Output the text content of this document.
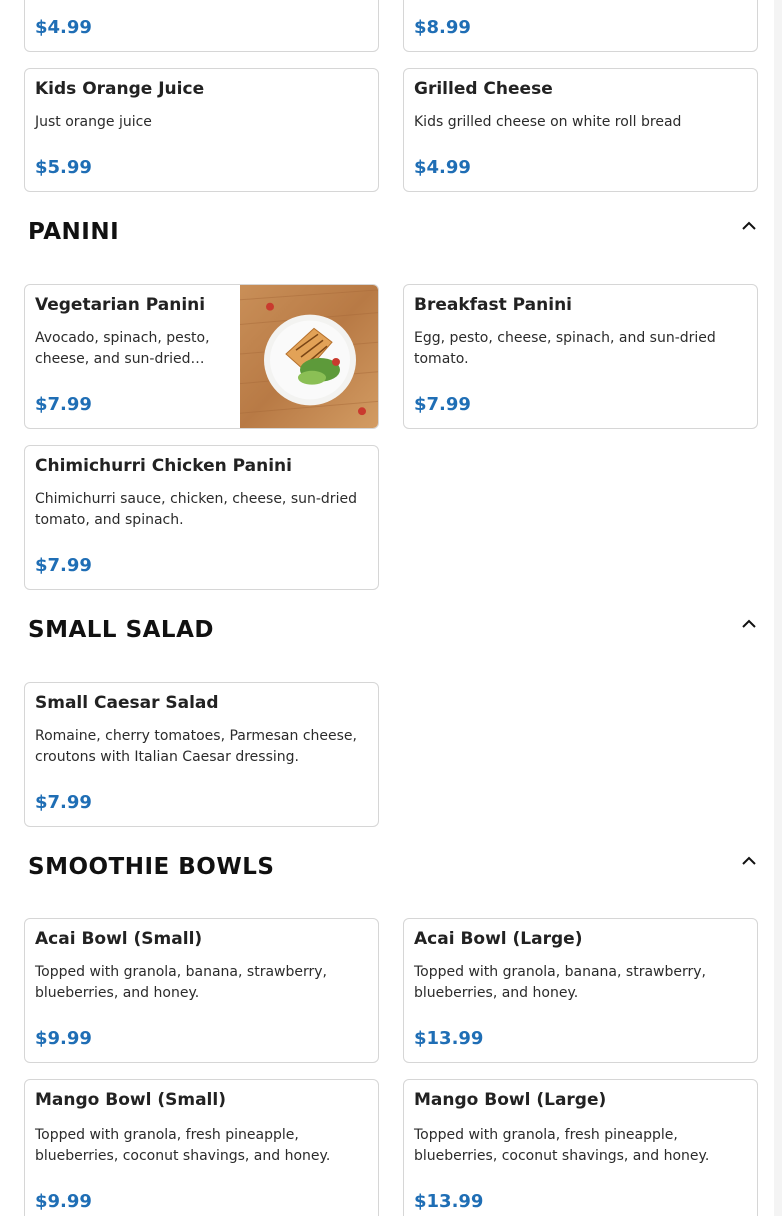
$4.99	$8.99
Kids Orange Juice
Just orange juice
$5.99
Grilled Cheese
Kids grilled cheese on white roll bread
$4.99
PANINI
Vegetarian Panini
Avocado, spinach, pesto,
cheese, and sun-dried…
$7.99
Breakfast Panini
Egg, pesto, cheese, spinach, and sun-dried
tomato.
$7.99
Chimichurri Chicken Panini
Chimichurri sauce, chicken, cheese, sun-dried
tomato, and spinach.
$7.99
SMALL SALAD
Small Caesar Salad
Romaine, cherry tomatoes, Parmesan cheese,
croutons with Italian Caesar dressing.
$7.99
SMOOTHIE BOWLS
Acai Bowl (Small)
Topped with granola, banana, strawberry,
blueberries, and honey.
$9.99
Acai Bowl (Large)
Topped with granola, banana, strawberry,
blueberries, and honey.
$13.99
Mango Bowl (Small)
Topped with granola, fresh pineapple,
blueberries, coconut shavings, and honey.
$9.99
Mango Bowl (Large)
Topped with granola, fresh pineapple,
blueberries, coconut shavings, and honey.
$13.99
